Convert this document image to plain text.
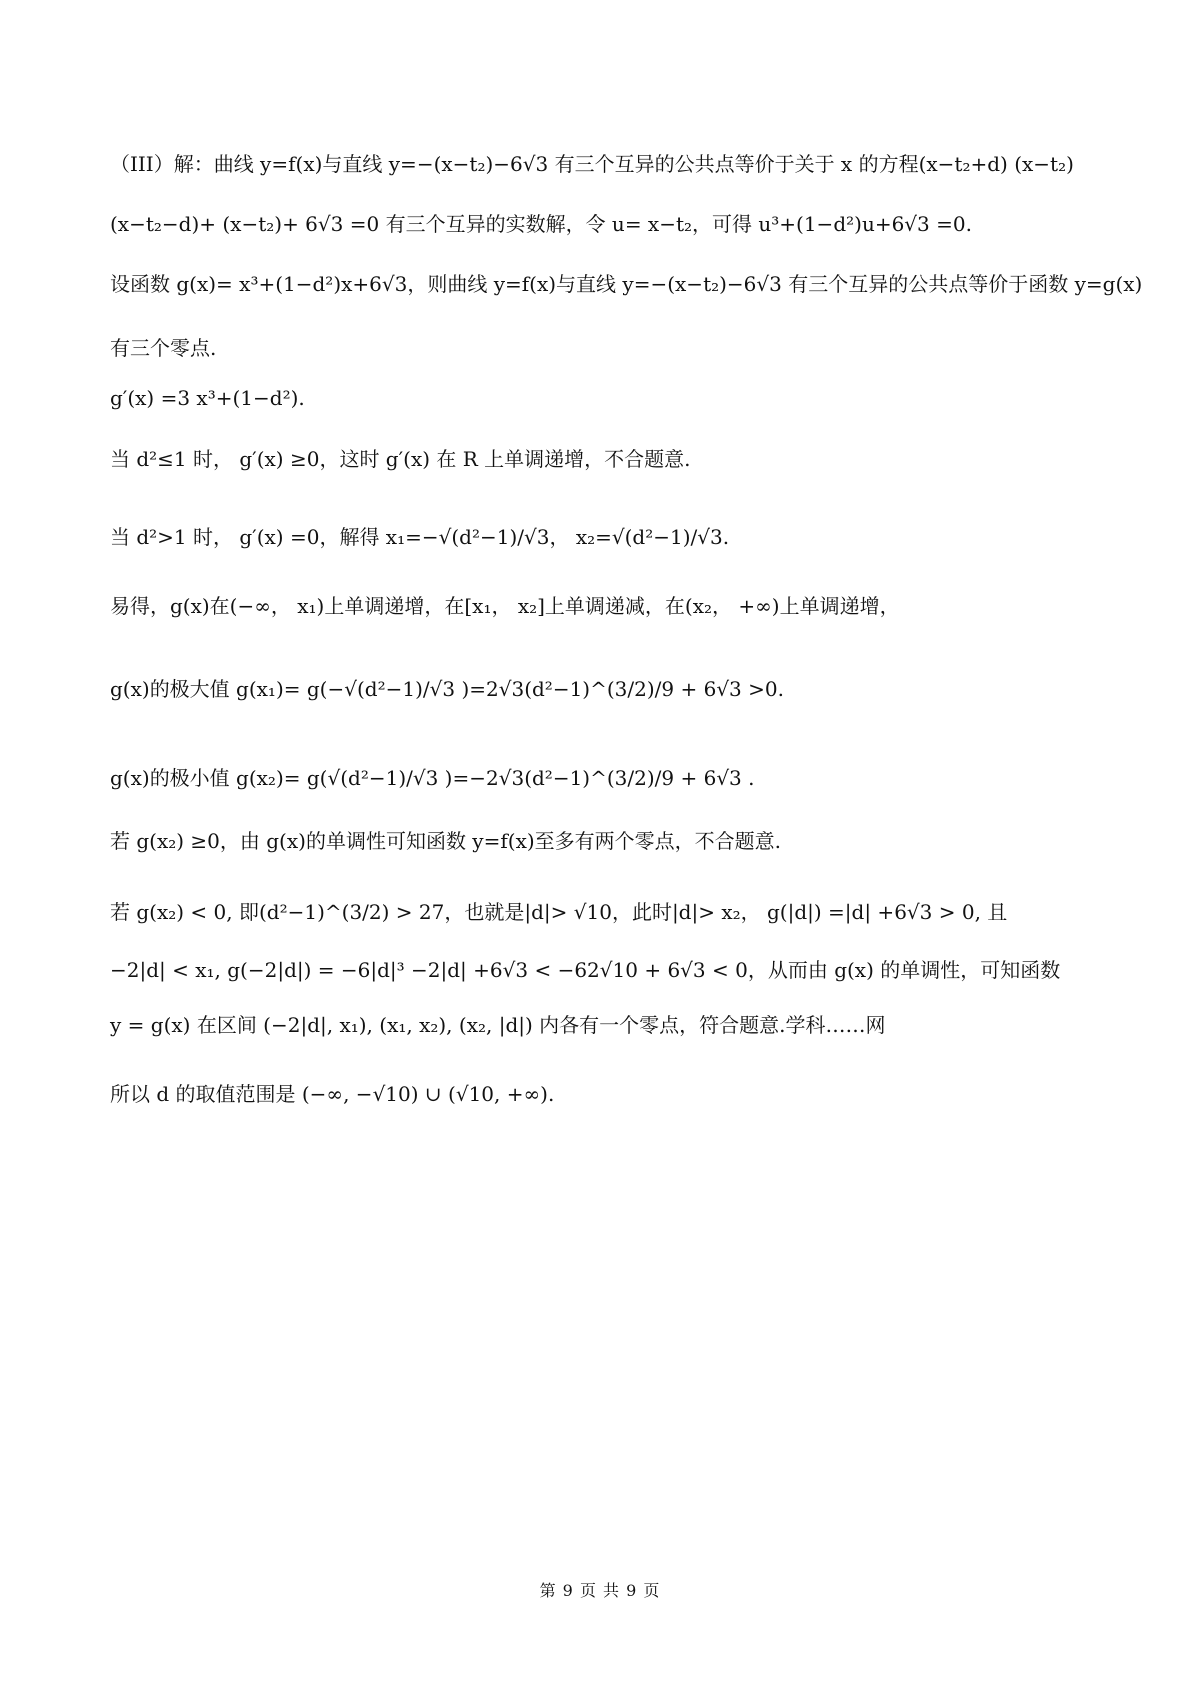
（III）解：曲线 y=f(x)与直线 y=−(x−t₂)−6√3 有三个互异的公共点等价于关于 x 的方程(x−t₂+d) (x−t₂)
(x−t₂−d)+ (x−t₂)+ 6√3 =0 有三个互异的实数解，令 u= x−t₂，可得 u³+(1−d²)u+6√3 =0.
设函数 g(x)= x³+(1−d²)x+6√3，则曲线 y=f(x)与直线 y=−(x−t₂)−6√3 有三个互异的公共点等价于函数 y=g(x)
有三个零点.
g′(x) =3 x³+(1−d²).
当 d²≤1 时， g′(x) ≥0，这时 g′(x) 在 R 上单调递增，不合题意.
当 d²>1 时， g′(x) =0，解得 x₁=−√(d²−1)/√3， x₂=√(d²−1)/√3.
易得，g(x)在(−∞， x₁)上单调递增，在[x₁， x₂]上单调递减，在(x₂， +∞)上单调递增，
g(x)的极大值 g(x₁)= g(−√(d²−1)/√3 )=2√3(d²−1)^(3/2)/9 + 6√3 >0.
g(x)的极小值 g(x₂)= g(√(d²−1)/√3 )=−2√3(d²−1)^(3/2)/9 + 6√3 .
若 g(x₂) ≥0，由 g(x)的单调性可知函数 y=f(x)至多有两个零点，不合题意.
若 g(x₂) < 0, 即(d²−1)^(3/2) > 27，也就是|d|> √10，此时|d|> x₂， g(|d|) =|d| +6√3 > 0, 且
−2|d| < x₁, g(−2|d|) = −6|d|³ −2|d| +6√3 < −62√10 + 6√3 < 0，从而由 g(x) 的单调性，可知函数
y = g(x) 在区间 (−2|d|, x₁), (x₁, x₂), (x₂, |d|) 内各有一个零点，符合题意.学科……网
所以 d 的取值范围是 (−∞, −√10) ∪ (√10, +∞).
第 9 页 共 9 页
